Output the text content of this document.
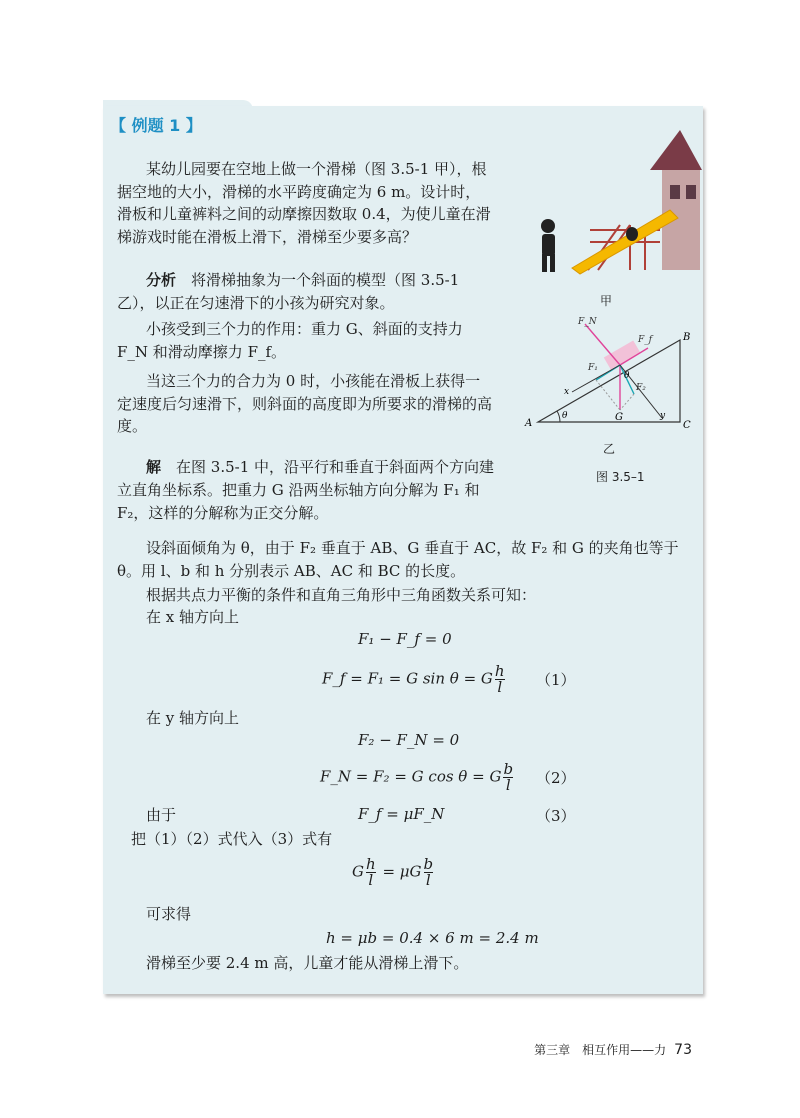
【 例题 1 】

某幼儿园要在空地上做一个滑梯（图 3.5-1 甲），根据空地的大小，滑梯的水平跨度确定为 6 m。设计时，滑板和儿童裤料之间的动摩擦因数取 0.4，为使儿童在滑梯游戏时能在滑板上滑下，滑梯至少要多高？

分析　 将滑梯抽象为一个斜面的模型（图 3.5-1 乙），以正在匀速滑下的小孩为研究对象。

小孩受到三个力的作用：重力 G、斜面的支持力 F_N 和滑动摩擦力 F_f。

当这三个力的合力为 0 时，小孩能在滑板上获得一定速度后匀速滑下，则斜面的高度即为所要求的滑梯的高度。

解　 在图 3.5-1 中，沿平行和垂直于斜面两个方向建立直角坐标系。把重力 G 沿两坐标轴方向分解为 F₁ 和 F₂，这样的分解称为正交分解。

设斜面倾角为 θ，由于 F₂ 垂直于 AB、G 垂直于 AC，故 F₂ 和 G 的夹角也等于 θ。用 l、b 和 h 分别表示 AB、AC 和 BC 的长度。

根据共点力平衡的条件和直角三角形中三角函数关系可知：

在 x 轴方向上

F₁ − F_f = 0
F_f = F₁ = G sin θ = G $\frac{h}{l} (1)$

在 y 轴方向上

F₂ − F_N = 0
F_N = F₂ = G cos θ = G $\frac{b}{l} (2)$

由于	F_f = μF_N	（3）

把（1）（2）式代入（3）式有

G $\frac{h}{l} = \mu G \frac{b}{l}$

可求得

h = μb = 0.4 × 6 m = 2.4 m

滑梯至少要 2.4 m 高，儿童才能从滑梯上滑下。

甲
A
B
C
G
F_N
F_f
F₁
F₂
x
y
θ
θ
乙
图 3.5–1
第三章　相互作用——力 73
